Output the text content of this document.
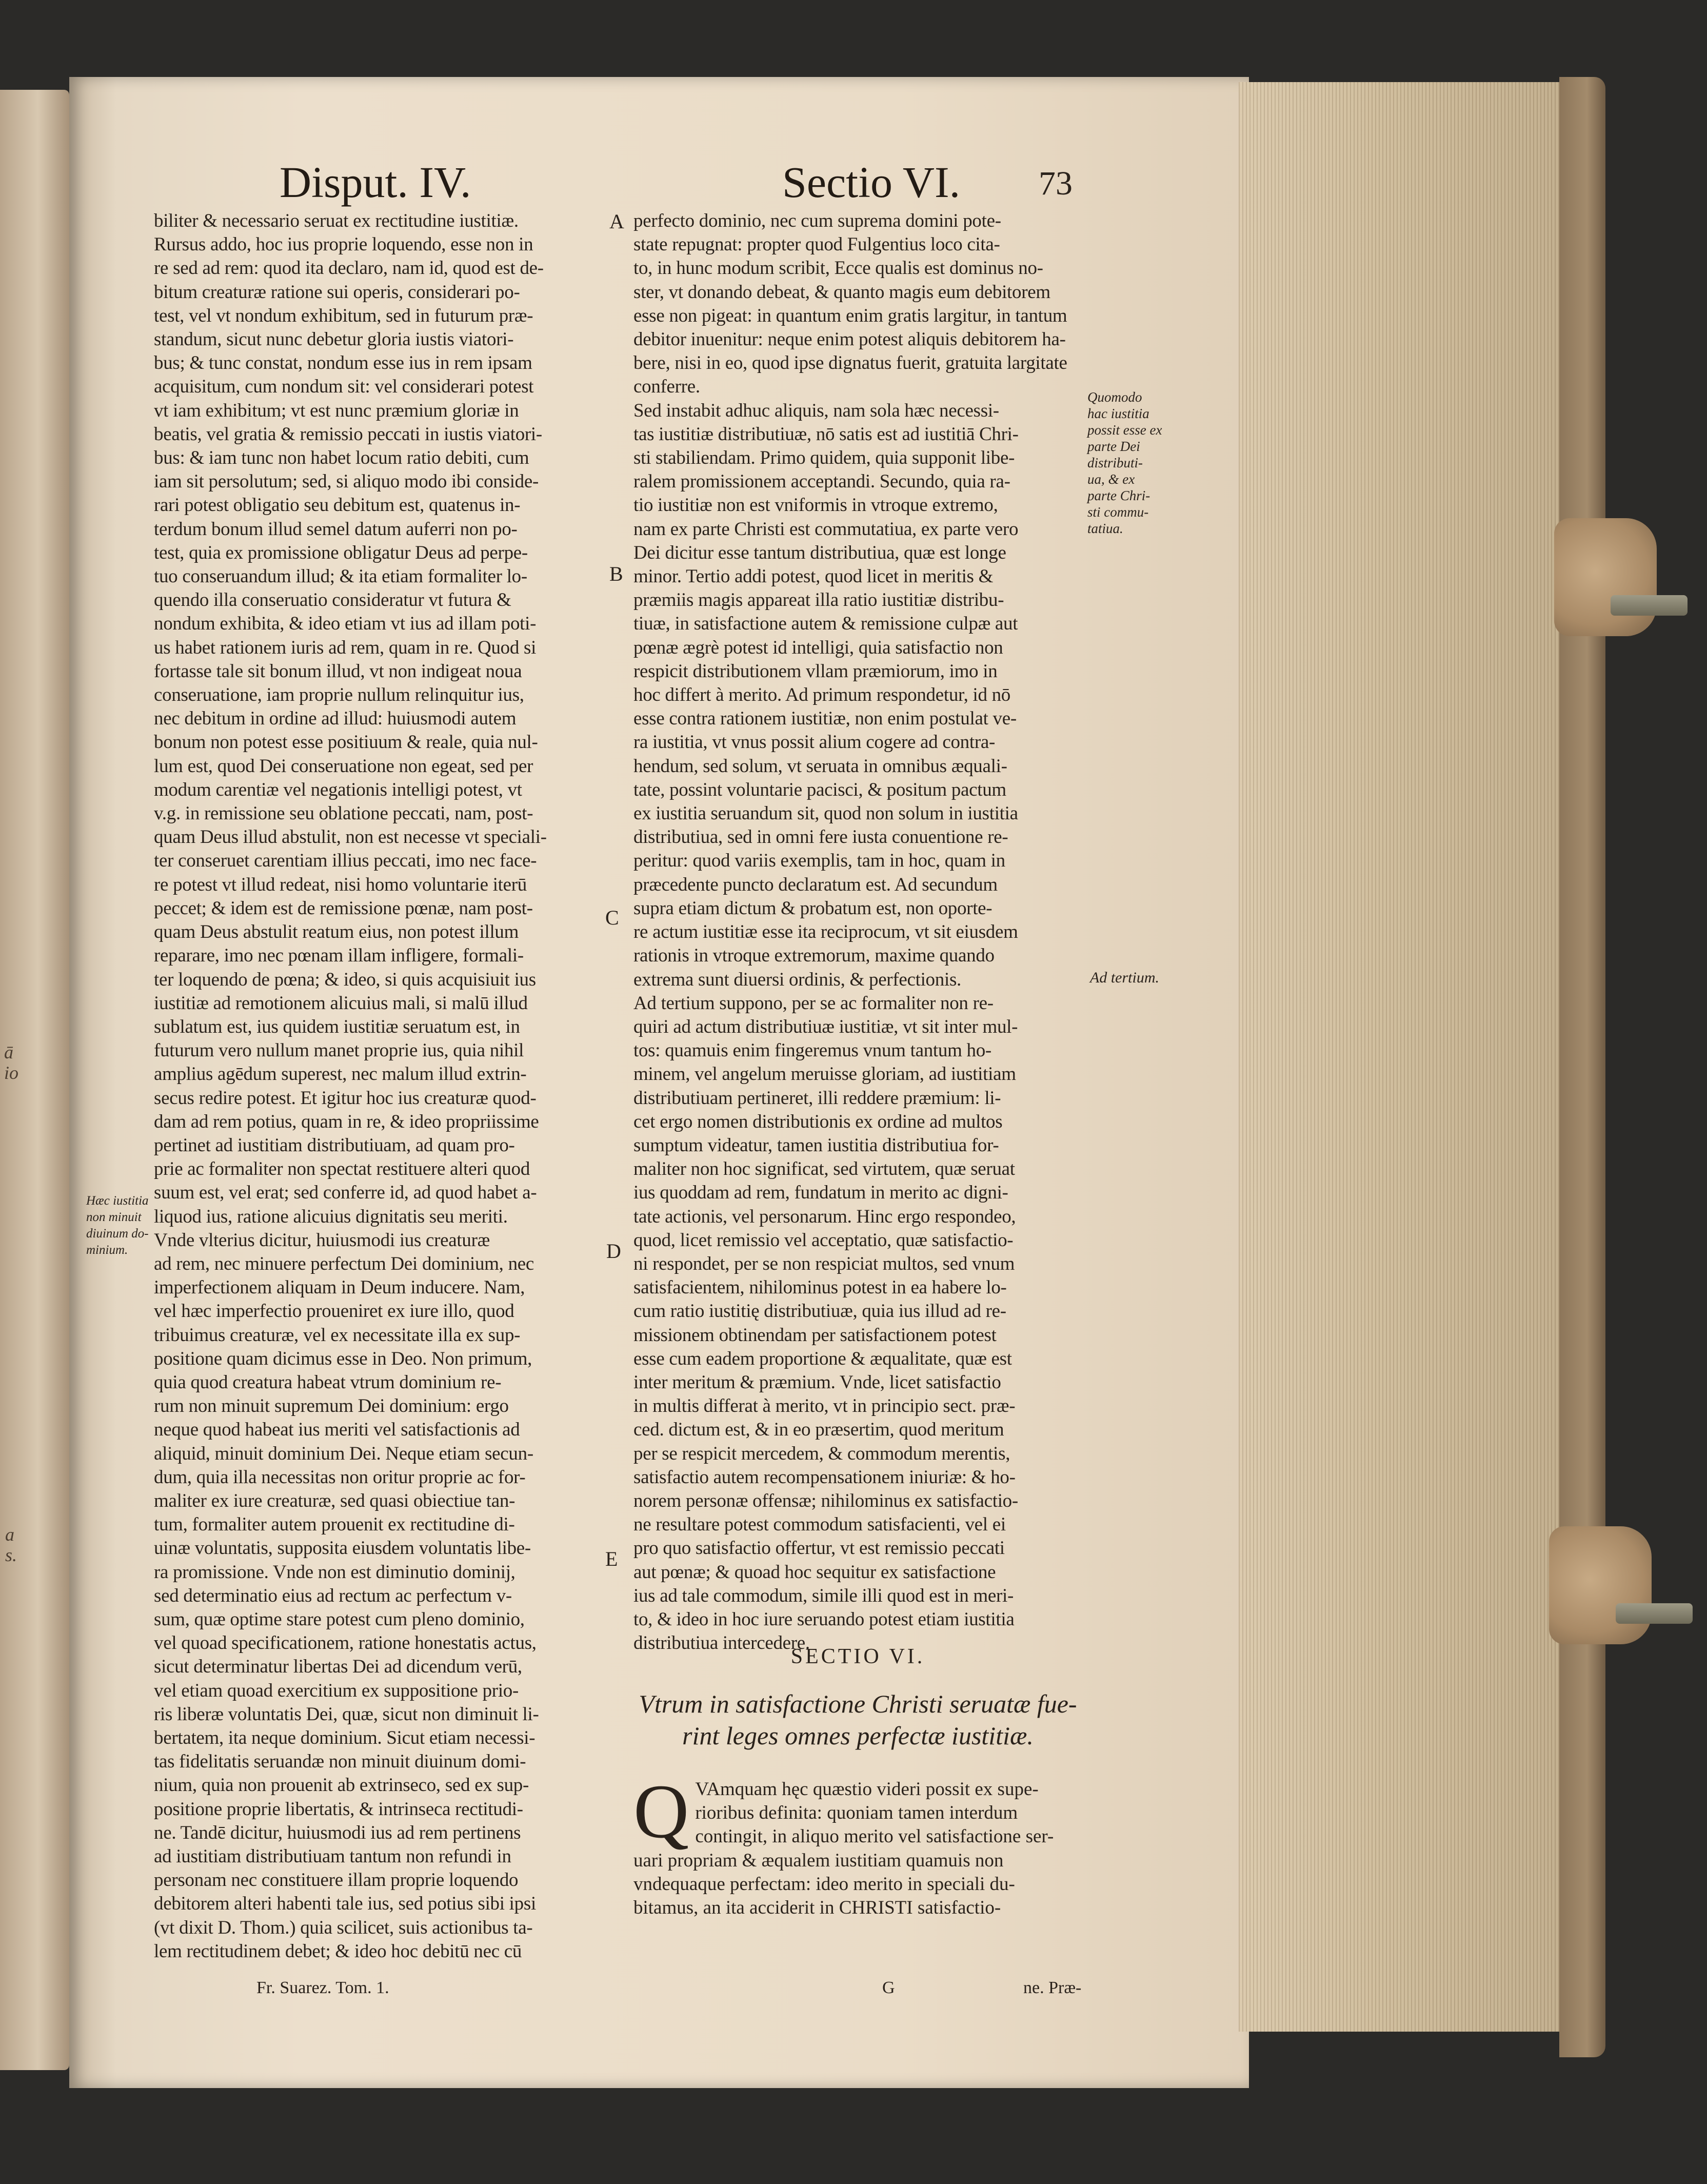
ā
io
a
s.
Disput. IV.	Sectio VI. 73
biliter & necessario seruat ex rectitudine iustitiæ.
Rursus addo, hoc ius proprie loquendo, esse non in
re sed ad rem: quod ita declaro, nam id, quod est de-
bitum creaturæ ratione sui operis, considerari po-
test, vel vt nondum exhibitum, sed in futurum præ-
standum, sicut nunc debetur gloria iustis viatori-
bus; & tunc constat, nondum esse ius in rem ipsam
acquisitum, cum nondum sit: vel considerari potest
vt iam exhibitum; vt est nunc præmium gloriæ in
beatis, vel gratia & remissio peccati in iustis viatori-
bus: & iam tunc non habet locum ratio debiti, cum
iam sit persolutum; sed, si aliquo modo ibi conside-
rari potest obligatio seu debitum est, quatenus in-
terdum bonum illud semel datum auferri non po-
test, quia ex promissione obligatur Deus ad perpe-
tuo conseruandum illud; & ita etiam formaliter lo-
quendo illa conseruatio consideratur vt futura &
nondum exhibita, & ideo etiam vt ius ad illam poti-
us habet rationem iuris ad rem, quam in re. Quod si
fortasse tale sit bonum illud, vt non indigeat noua
conseruatione, iam proprie nullum relinquitur ius,
nec debitum in ordine ad illud: huiusmodi autem
bonum non potest esse positiuum & reale, quia nul-
lum est, quod Dei conseruatione non egeat, sed per
modum carentiæ vel negationis intelligi potest, vt
v.g. in remissione seu oblatione peccati, nam, post-
quam Deus illud abstulit, non est necesse vt speciali-
ter conseruet carentiam illius peccati, imo nec face-
re potest vt illud redeat, nisi homo voluntarie iterū
peccet; & idem est de remissione pœnæ, nam post-
quam Deus abstulit reatum eius, non potest illum
reparare, imo nec pœnam illam infligere, formali-
ter loquendo de pœna; & ideo, si quis acquisiuit ius
iustitiæ ad remotionem alicuius mali, si malū illud
sublatum est, ius quidem iustitiæ seruatum est, in
futurum vero nullum manet proprie ius, quia nihil
amplius agēdum superest, nec malum illud extrin-
secus redire potest. Et igitur hoc ius creaturæ quod-
dam ad rem potius, quam in re, & ideo propriissime
pertinet ad iustitiam distributiuam, ad quam pro-
prie ac formaliter non spectat restituere alteri quod
suum est, vel erat; sed conferre id, ad quod habet a-
liquod ius, ratione alicuius dignitatis seu meriti.
Vnde vlterius dicitur, huiusmodi ius creaturæ
ad rem, nec minuere perfectum Dei dominium, nec
imperfectionem aliquam in Deum inducere. Nam,
vel hæc imperfectio proueniret ex iure illo, quod
tribuimus creaturæ, vel ex necessitate illa ex sup-
positione quam dicimus esse in Deo. Non primum,
quia quod creatura habeat vtrum dominium re-
rum non minuit supremum Dei dominium: ergo
neque quod habeat ius meriti vel satisfactionis ad
aliquid, minuit dominium Dei. Neque etiam secun-
dum, quia illa necessitas non oritur proprie ac for-
maliter ex iure creaturæ, sed quasi obiectiue tan-
tum, formaliter autem prouenit ex rectitudine di-
uinæ voluntatis, supposita eiusdem voluntatis libe-
ra promissione. Vnde non est diminutio dominij,
sed determinatio eius ad rectum ac perfectum v-
sum, quæ optime stare potest cum pleno dominio,
vel quoad specificationem, ratione honestatis actus,
sicut determinatur libertas Dei ad dicendum verū,
vel etiam quoad exercitium ex suppositione prio-
ris liberæ voluntatis Dei, quæ, sicut non diminuit li-
bertatem, ita neque dominium. Sicut etiam necessi-
tas fidelitatis seruandæ non minuit diuinum domi-
nium, quia non prouenit ab extrinseco, sed ex sup-
positione proprie libertatis, & intrinseca rectitudi-
ne. Tandē dicitur, huiusmodi ius ad rem pertinens
ad iustitiam distributiuam tantum non refundi in
personam nec constituere illam proprie loquendo
debitorem alteri habenti tale ius, sed potius sibi ipsi
(vt dixit D. Thom.) quia scilicet, suis actionibus ta-
lem rectitudinem debet; & ideo hoc debitū nec cū
perfecto dominio, nec cum suprema domini pote-
state repugnat: propter quod Fulgentius loco cita-
to, in hunc modum scribit, Ecce qualis est dominus no-
ster, vt donando debeat, & quanto magis eum debitorem
esse non pigeat: in quantum enim gratis largitur, in tantum
debitor inuenitur: neque enim potest aliquis debitorem ha-
bere, nisi in eo, quod ipse dignatus fuerit, gratuita largitate
conferre.
Sed instabit adhuc aliquis, nam sola hæc necessi-
tas iustitiæ distributiuæ, nō satis est ad iustitiā Chri-
sti stabiliendam. Primo quidem, quia supponit libe-
ralem promissionem acceptandi. Secundo, quia ra-
tio iustitiæ non est vniformis in vtroque extremo,
nam ex parte Christi est commutatiua, ex parte vero
Dei dicitur esse tantum distributiua, quæ est longe
minor. Tertio addi potest, quod licet in meritis &
præmiis magis appareat illa ratio iustitiæ distribu-
tiuæ, in satisfactione autem & remissione culpæ aut
pœnæ ægrè potest id intelligi, quia satisfactio non
respicit distributionem vllam præmiorum, imo in
hoc differt à merito. Ad primum respondetur, id nō
esse contra rationem iustitiæ, non enim postulat ve-
ra iustitia, vt vnus possit alium cogere ad contra-
hendum, sed solum, vt seruata in omnibus æquali-
tate, possint voluntarie pacisci, & positum pactum
ex iustitia seruandum sit, quod non solum in iustitia
distributiua, sed in omni fere iusta conuentione re-
peritur: quod variis exemplis, tam in hoc, quam in
præcedente puncto declaratum est. Ad secundum
supra etiam dictum & probatum est, non oporte-
re actum iustitiæ esse ita reciprocum, vt sit eiusdem
rationis in vtroque extremorum, maxime quando
extrema sunt diuersi ordinis, & perfectionis.
Ad tertium suppono, per se ac formaliter non re-
quiri ad actum distributiuæ iustitiæ, vt sit inter mul-
tos: quamuis enim fingeremus vnum tantum ho-
minem, vel angelum meruisse gloriam, ad iustitiam
distributiuam pertineret, illi reddere præmium: li-
cet ergo nomen distributionis ex ordine ad multos
sumptum videatur, tamen iustitia distributiua for-
maliter non hoc significat, sed virtutem, quæ seruat
ius quoddam ad rem, fundatum in merito ac digni-
tate actionis, vel personarum. Hinc ergo respondeo,
quod, licet remissio vel acceptatio, quæ satisfactio-
ni respondet, per se non respiciat multos, sed vnum
satisfacientem, nihilominus potest in ea habere lo-
cum ratio iustitię distributiuæ, quia ius illud ad re-
missionem obtinendam per satisfactionem potest
esse cum eadem proportione & æqualitate, quæ est
inter meritum & præmium. Vnde, licet satisfactio
in multis differat à merito, vt in principio sect. præ-
ced. dictum est, & in eo præsertim, quod meritum
per se respicit mercedem, & commodum merentis,
satisfactio autem recompensationem iniuriæ: & ho-
norem personæ offensæ; nihilominus ex satisfactio-
ne resultare potest commodum satisfacienti, vel ei
pro quo satisfactio offertur, vt est remissio peccati
aut pœnæ; & quoad hoc sequitur ex satisfactione
ius ad tale commodum, simile illi quod est in meri-
to, & ideo in hoc iure seruando potest etiam iustitia
distributiua intercedere.
A
B
C
D
E
Quomodo
hac iustitia
possit esse ex
parte Dei
distributi-
ua, & ex
parte Chri-
sti commu-
tatiua.
Ad tertium.
Hæc iustitia
non minuit
diuinum do-
minium.
SECTIO VI.
Vtrum in satisfactione Christi seruatæ fue-
rint leges omnes perfectæ iustitiæ.
Q VAmquam hęc quæstio videri possit ex supe-
rioribus definita: quoniam tamen interdum
contingit, in aliquo merito vel satisfactione ser-
uari propriam & æqualem iustitiam quamuis non
vndequaque perfectam: ideo merito in speciali du-
bitamus, an ita acciderit in CHRISTI satisfactio-
Fr. Suarez. Tom. 1.	G	ne. Præ-
